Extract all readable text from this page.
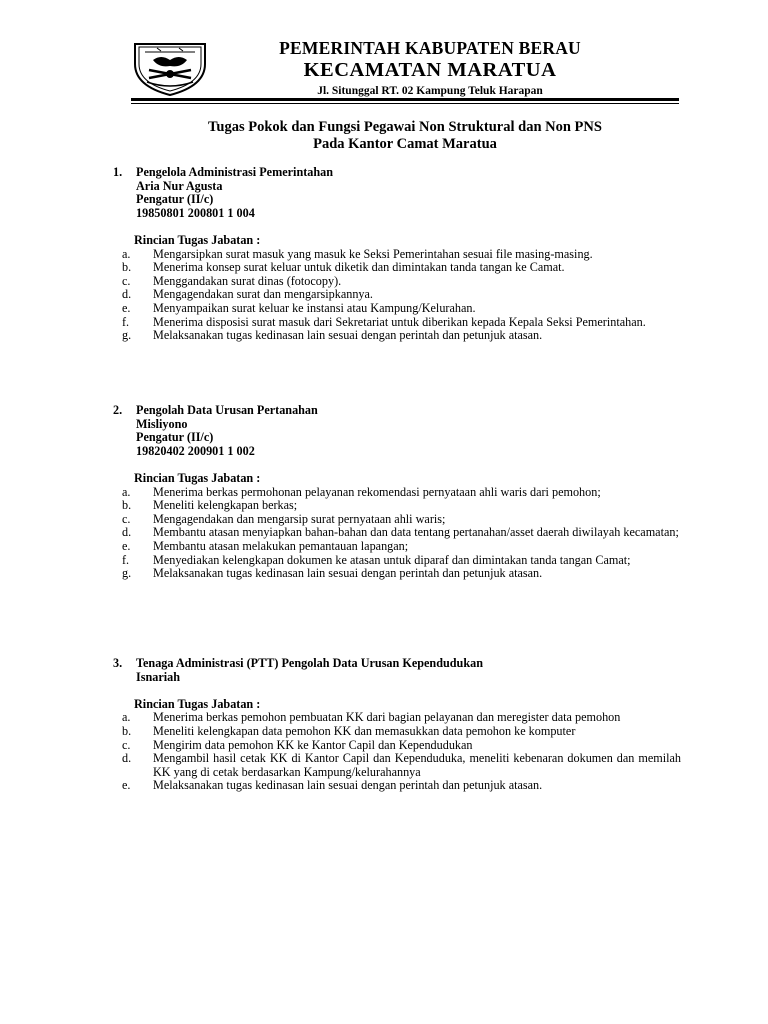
PEMERINTAH KABUPATEN BERAU
KECAMATAN MARATUA
Jl. Situnggal RT. 02 Kampung Teluk Harapan
Tugas Pokok dan Fungsi Pegawai Non Struktural dan Non PNS
Pada Kantor Camat Maratua
1. Pengelola Administrasi Pemerintahan
Aria Nur Agusta
Pengatur (II/c)
19850801 200801 1 004
Rincian Tugas Jabatan :
a. Mengarsipkan surat masuk yang masuk ke Seksi Pemerintahan sesuai file masing-masing.
b. Menerima konsep surat keluar untuk diketik dan dimintakan tanda tangan ke Camat.
c. Menggandakan surat dinas (fotocopy).
d. Mengagendakan surat dan mengarsipkannya.
e. Menyampaikan surat keluar ke instansi atau Kampung/Kelurahan.
f. Menerima disposisi surat masuk dari Sekretariat untuk diberikan kepada Kepala Seksi Pemerintahan.
g. Melaksanakan tugas kedinasan lain sesuai dengan perintah dan petunjuk atasan.
2. Pengolah Data Urusan Pertanahan
Misliyono
Pengatur (II/c)
19820402 200901 1 002
Rincian Tugas Jabatan :
a. Menerima berkas permohonan pelayanan rekomendasi pernyataan ahli waris dari pemohon;
b. Meneliti kelengkapan berkas;
c. Mengagendakan dan mengarsip surat pernyataan ahli waris;
d. Membantu atasan menyiapkan bahan-bahan dan data tentang pertanahan/asset daerah diwilayah kecamatan;
e. Membantu atasan melakukan pemantauan lapangan;
f. Menyediakan kelengkapan dokumen ke atasan untuk diparaf dan dimintakan tanda tangan Camat;
g. Melaksanakan tugas kedinasan lain sesuai dengan perintah dan petunjuk atasan.
3. Tenaga Administrasi (PTT) Pengolah Data Urusan Kependudukan
Isnariah
Rincian Tugas Jabatan :
a. Menerima berkas pemohon pembuatan KK dari bagian pelayanan dan meregister data pemohon
b. Meneliti kelengkapan data pemohon KK dan memasukkan data pemohon ke komputer
c. Mengirim data pemohon KK ke Kantor Capil dan Kependudukan
d. Mengambil hasil cetak KK di Kantor Capil dan Kependuduka, meneliti kebenaran dokumen dan memilah KK yang di cetak berdasarkan Kampung/kelurahannya
e. Melaksanakan tugas kedinasan lain sesuai dengan perintah dan petunjuk atasan.
